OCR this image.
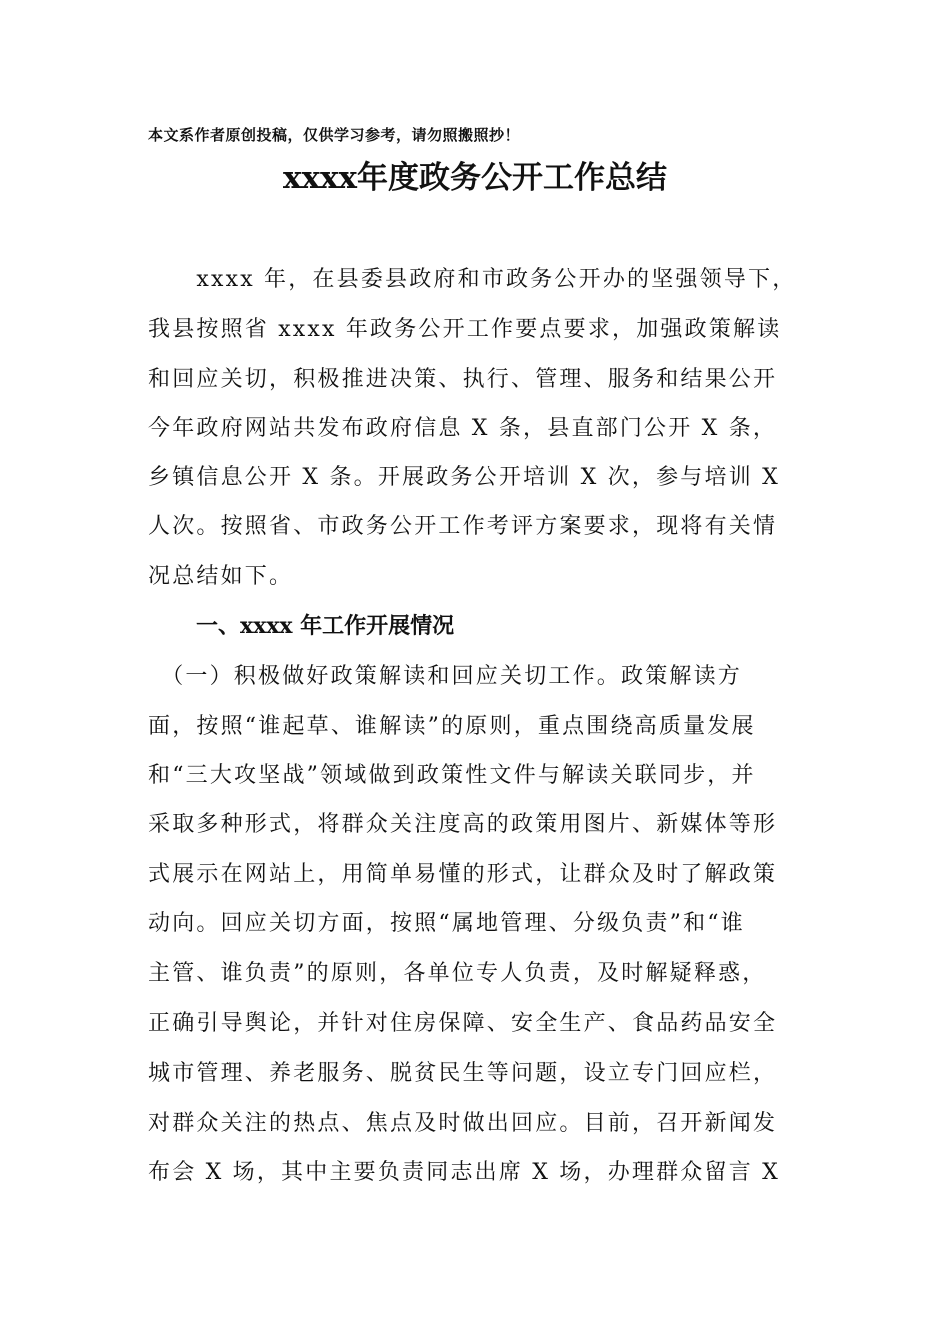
本文系作者原创投稿，仅供学习参考，请勿照搬照抄！
xxxx年度政务公开工作总结
　　xxxx 年，在县委县政府和市政务公开办的坚强领导下，
我县按照省 xxxx 年政务公开工作要点要求，加强政策解读
和回应关切，积极推进决策、执行、管理、服务和结果公开
今年政府网站共发布政府信息 X 条，县直部门公开 X 条，
乡镇信息公开 X 条。开展政务公开培训 X 次，参与培训 X
人次。按照省、市政务公开工作考评方案要求，现将有关情
况总结如下。
一、xxxx 年工作开展情况
　（一）积极做好政策解读和回应关切工作。政策解读方
面，按照“谁起草、谁解读”的原则，重点围绕高质量发展
和“三大攻坚战”领域做到政策性文件与解读关联同步，并
采取多种形式，将群众关注度高的政策用图片、新媒体等形
式展示在网站上，用简单易懂的形式，让群众及时了解政策
动向。回应关切方面，按照“属地管理、分级负责”和“谁
主管、谁负责”的原则，各单位专人负责，及时解疑释惑，
正确引导舆论，并针对住房保障、安全生产、食品药品安全
城市管理、养老服务、脱贫民生等问题，设立专门回应栏，
对群众关注的热点、焦点及时做出回应。目前，召开新闻发
布会 X 场，其中主要负责同志出席 X 场，办理群众留言 X
